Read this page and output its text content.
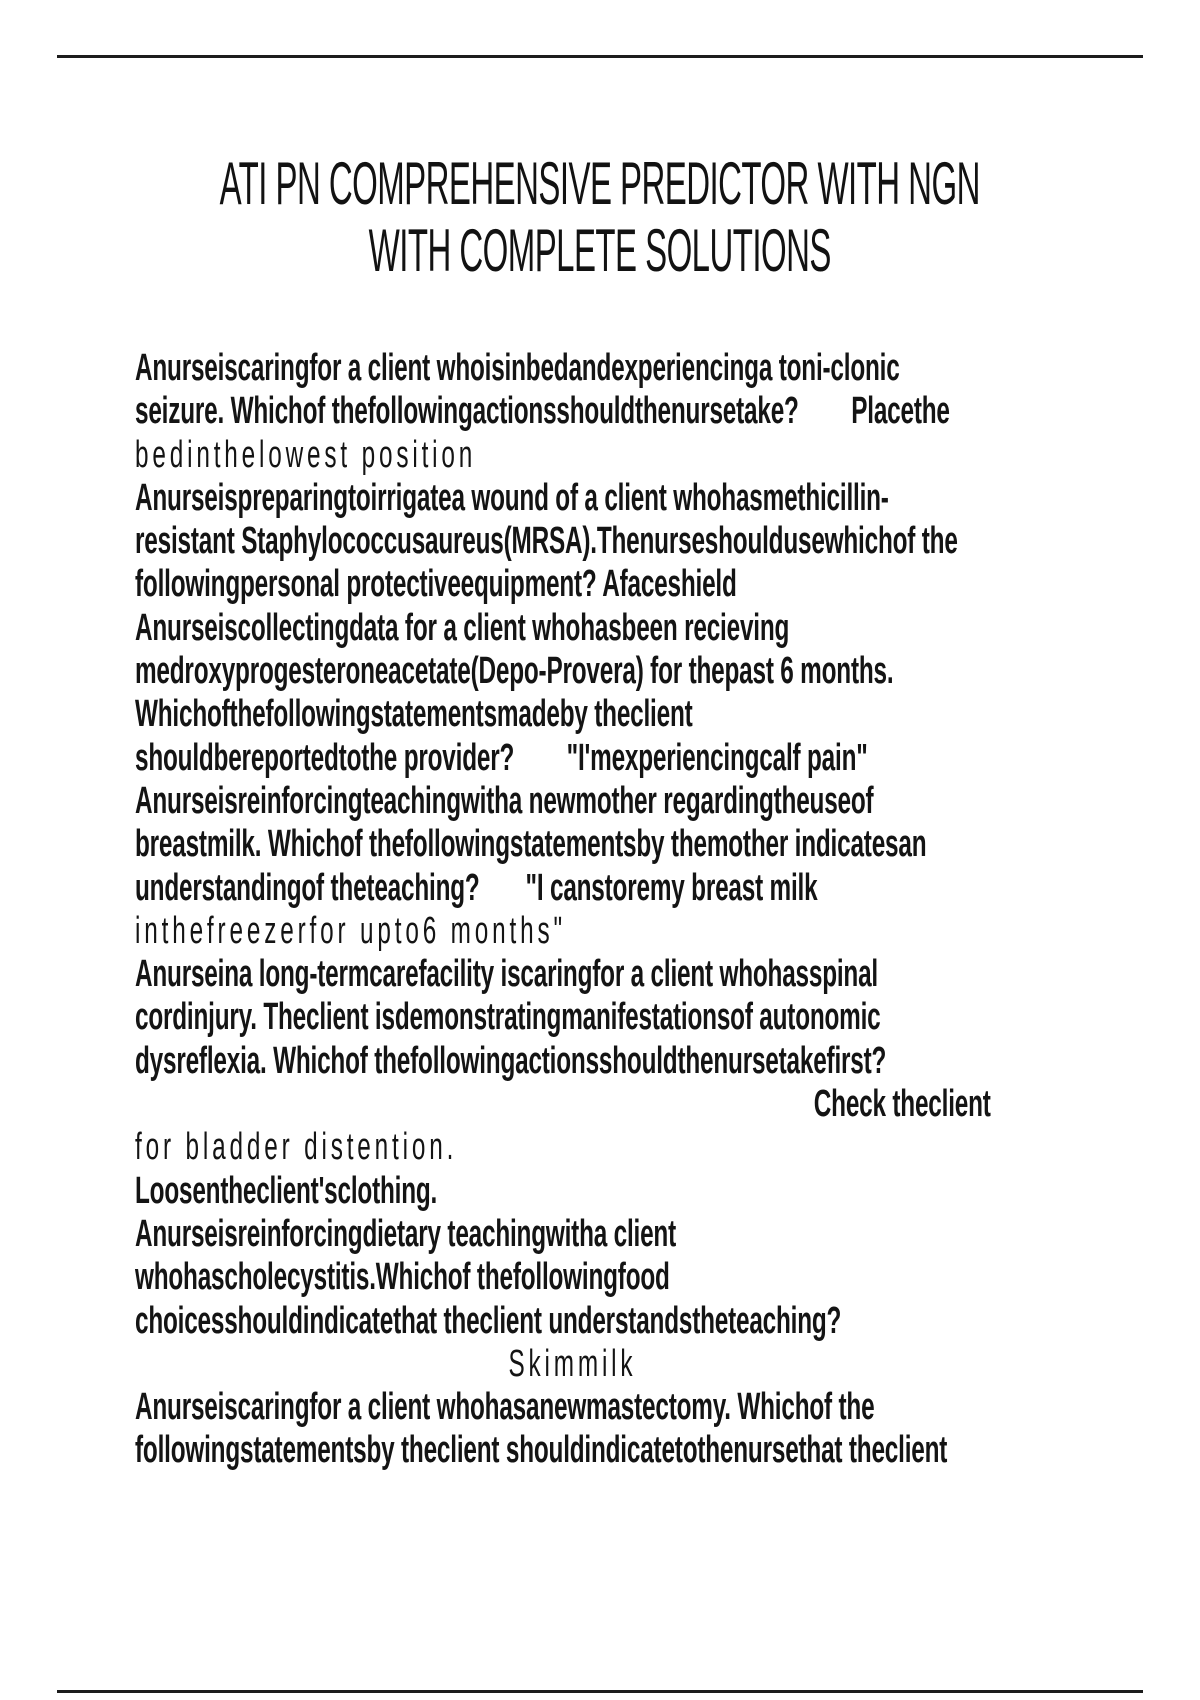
ATI PN COMPREHENSIVE PREDICTOR WITH NGN
WITH COMPLETE SOLUTIONS
Anurseiscaringfor a client whoisinbedandexperiencinga toni-clonic
seizure. Whichof thefollowingactionsshouldthenursetake?        Placethe
bedinthelowest position
Anurseispreparingtoirrigatea wound of a client whohasmethicillin-
resistant Staphylococcusaureus(MRSA).Thenurseshouldusewhichof the
followingpersonal protectiveequipment? Afaceshield
Anurseiscollectingdata for a client whohasbeen recieving
medroxyprogesteroneacetate(Depo-Provera) for thepast 6 months.
Whichofthefollowingstatementsmadeby theclient
shouldbereportedtothe provider?        "I'mexperiencingcalf pain"
Anurseisreinforcingteachingwitha newmother regardingtheuseof
breastmilk. Whichof thefollowingstatementsby themother indicatesan
understandingof theteaching?       "I canstoremy breast milk
inthefreezerfor upto6 months"
Anurseina long-termcarefacility iscaringfor a client whohasspinal
cordinjury. Theclient isdemonstratingmanifestationsof autonomic
dysreflexia. Whichof thefollowingactionsshouldthenursetakefirst?
Check theclient
for bladder distention.
Loosentheclient'sclothing.
Anurseisreinforcingdietary teachingwitha client
whohascholecystitis.Whichof thefollowingfood
choicesshouldindicatethat theclient understandstheteaching?
Skimmilk
Anurseiscaringfor a client whohasanewmastectomy. Whichof the
followingstatementsby theclient shouldindicatetothenursethat theclient
